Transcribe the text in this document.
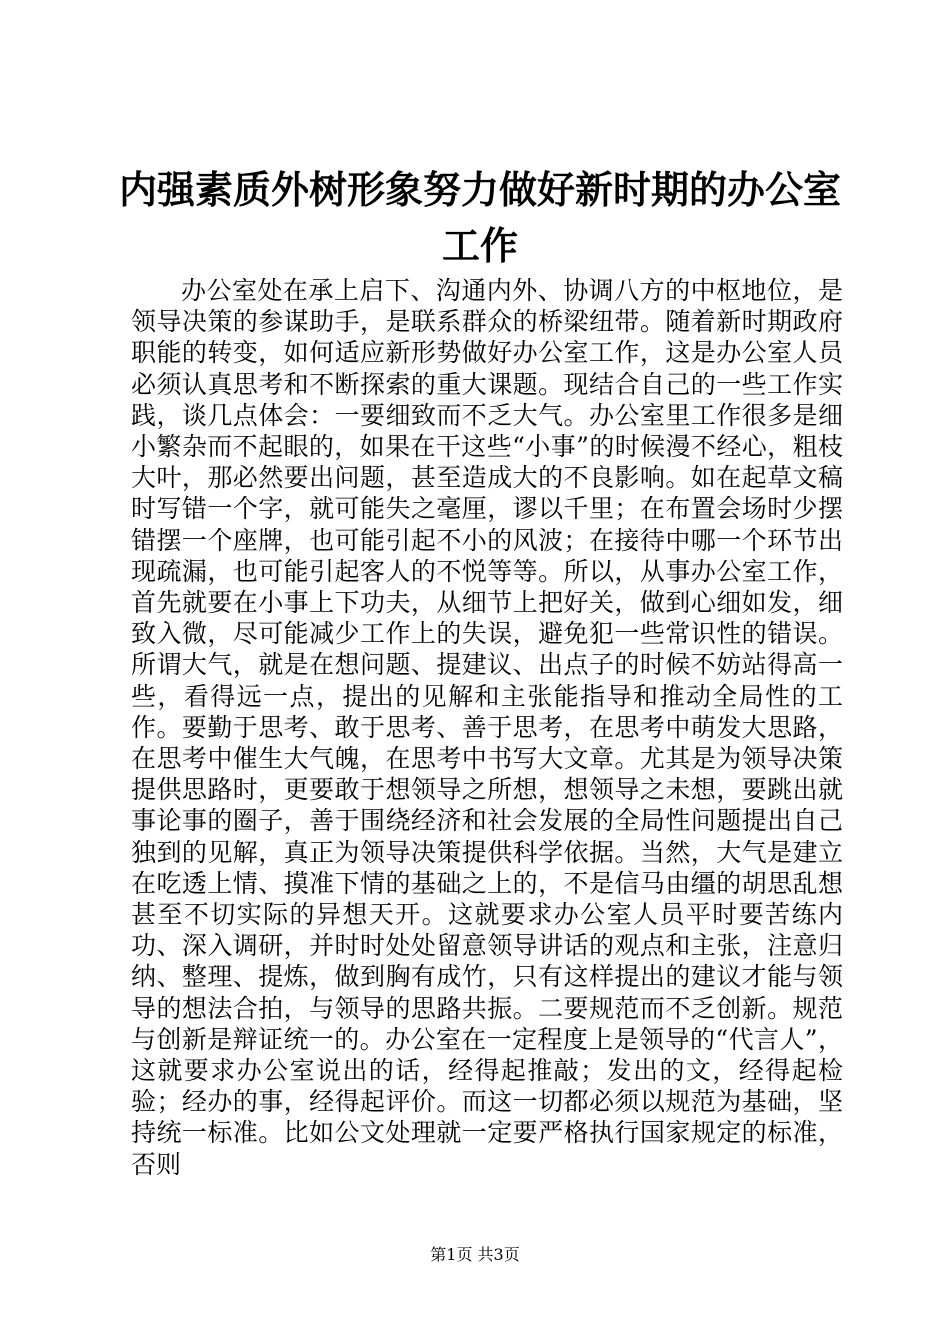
内强素质外树形象努力做好新时期的办公室工作

办公室处在承上启下、沟通内外、协调八方的中枢地位，是领导决策的参谋助手，是联系群众的桥梁纽带。随着新时期政府职能的转变，如何适应新形势做好办公室工作，这是办公室人员必须认真思考和不断探索的重大课题。现结合自己的一些工作实践，谈几点体会：一要细致而不乏大气。办公室里工作很多是细小繁杂而不起眼的，如果在干这些“小事”的时候漫不经心，粗枝大叶，那必然要出问题，甚至造成大的不良影响。如在起草文稿时写错一个字，就可能失之毫厘，谬以千里；在布置会场时少摆错摆一个座牌，也可能引起不小的风波；在接待中哪一个环节出现疏漏，也可能引起客人的不悦等等。所以，从事办公室工作，首先就要在小事上下功夫，从细节上把好关，做到心细如发，细致入微，尽可能减少工作上的失误，避免犯一些常识性的错误。所谓大气，就是在想问题、提建议、出点子的时候不妨站得高一些，看得远一点，提出的见解和主张能指导和推动全局性的工作。要勤于思考、敢于思考、善于思考，在思考中萌发大思路，在思考中催生大气魄，在思考中书写大文章。尤其是为领导决策提供思路时，更要敢于想领导之所想，想领导之未想，要跳出就事论事的圈子，善于围绕经济和社会发展的全局性问题提出自己独到的见解，真正为领导决策提供科学依据。当然，大气是建立在吃透上情、摸准下情的基础之上的，不是信马由缰的胡思乱想甚至不切实际的异想天开。这就要求办公室人员平时要苦练内功、深入调研，并时时处处留意领导讲话的观点和主张，注意归纳、整理、提炼，做到胸有成竹，只有这样提出的建议才能与领导的想法合拍，与领导的思路共振。二要规范而不乏创新。规范与创新是辩证统一的。办公室在一定程度上是领导的“代言人”，这就要求办公室说出的话，经得起推敲；发出的文，经得起检验；经办的事，经得起评价。而这一切都必须以规范为基础，坚持统一标准。比如公文处理就一定要严格执行国家规定的标准，否则

第1页 共3页
